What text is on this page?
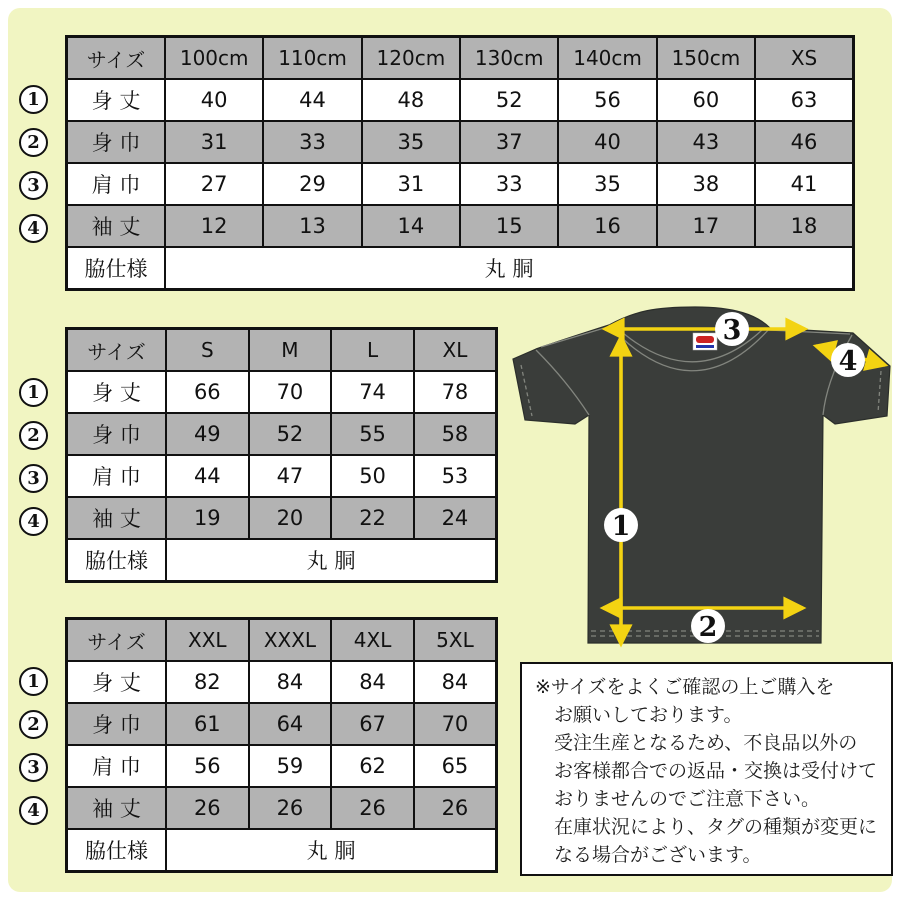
サイズ	100cm	110cm	120cm	130cm	140cm	150cm	XS
身 丈	40	44	48	52	56	60	63
身 巾	31	33	35	37	40	43	46
肩 巾	27	29	31	33	35	38	41
袖 丈	12	13	14	15	16	17	18
脇仕様	丸 胴						
サイズ	S	M	L	XL
身 丈	66	70	74	78
身 巾	49	52	55	58
肩 巾	44	47	50	53
袖 丈	19	20	22	24
脇仕様	丸 胴			
サイズ	XXL	XXXL	4XL	5XL
身 丈	82	84	84	84
身 巾	61	64	67	70
肩 巾	56	59	62	65
袖 丈	26	26	26	26
脇仕様	丸 胴			
1
2
3
4
1
2
3
4
1
2
3
4
3
4
1
2
※サイズをよくご確認の上ご購入を
お願いしております。
受注生産となるため、不良品以外の
お客様都合での返品・交換は受付けて
おりませんのでご注意下さい。
在庫状況により、タグの種類が変更に
なる場合がございます。
